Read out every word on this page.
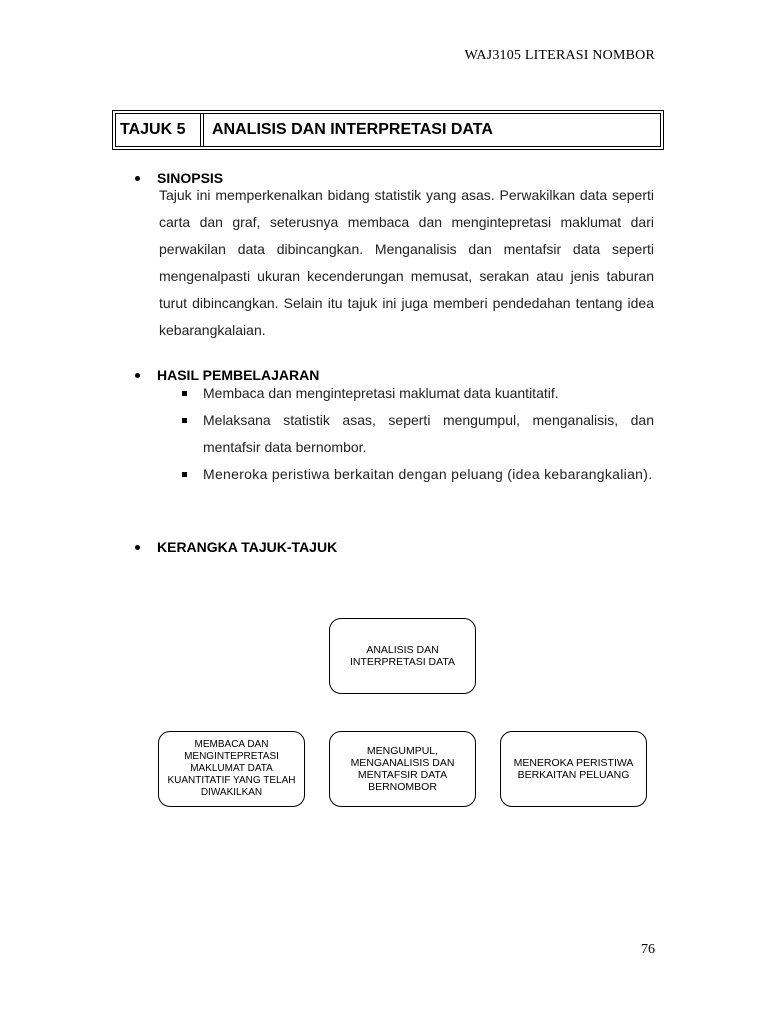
WAJ3105 LITERASI NOMBOR
TAJUK 5	ANALISIS DAN INTERPRETASI DATA
SINOPSIS

Tajuk ini memperkenalkan bidang statistik yang asas. Perwakilkan data seperti carta dan graf, seterusnya membaca dan mengintepretasi maklumat dari perwakilan data dibincangkan. Menganalisis dan mentafsir data seperti mengenalpasti ukuran kecenderungan memusat, serakan atau jenis taburan turut dibincangkan. Selain itu tajuk ini juga memberi pendedahan tentang idea kebarangkalaian.

HASIL PEMBELAJARAN
Membaca dan mengintepretasi maklumat data kuantitatif.
Melaksana statistik asas, seperti mengumpul, menganalisis, dan mentafsir data bernombor.
Meneroka peristiwa berkaitan dengan peluang (idea kebarangkalian).
KERANGKA TAJUK-TAJUK
ANALISIS DAN
INTERPRETASI DATA
MEMBACA DAN
MENGINTEPRETASI
MAKLUMAT DATA
KUANTITATIF YANG TELAH
DIWAKILKAN
MENGUMPUL,
MENGANALISIS DAN
MENTAFSIR DATA
BERNOMBOR
MENEROKA PERISTIWA
BERKAITAN PELUANG
76
